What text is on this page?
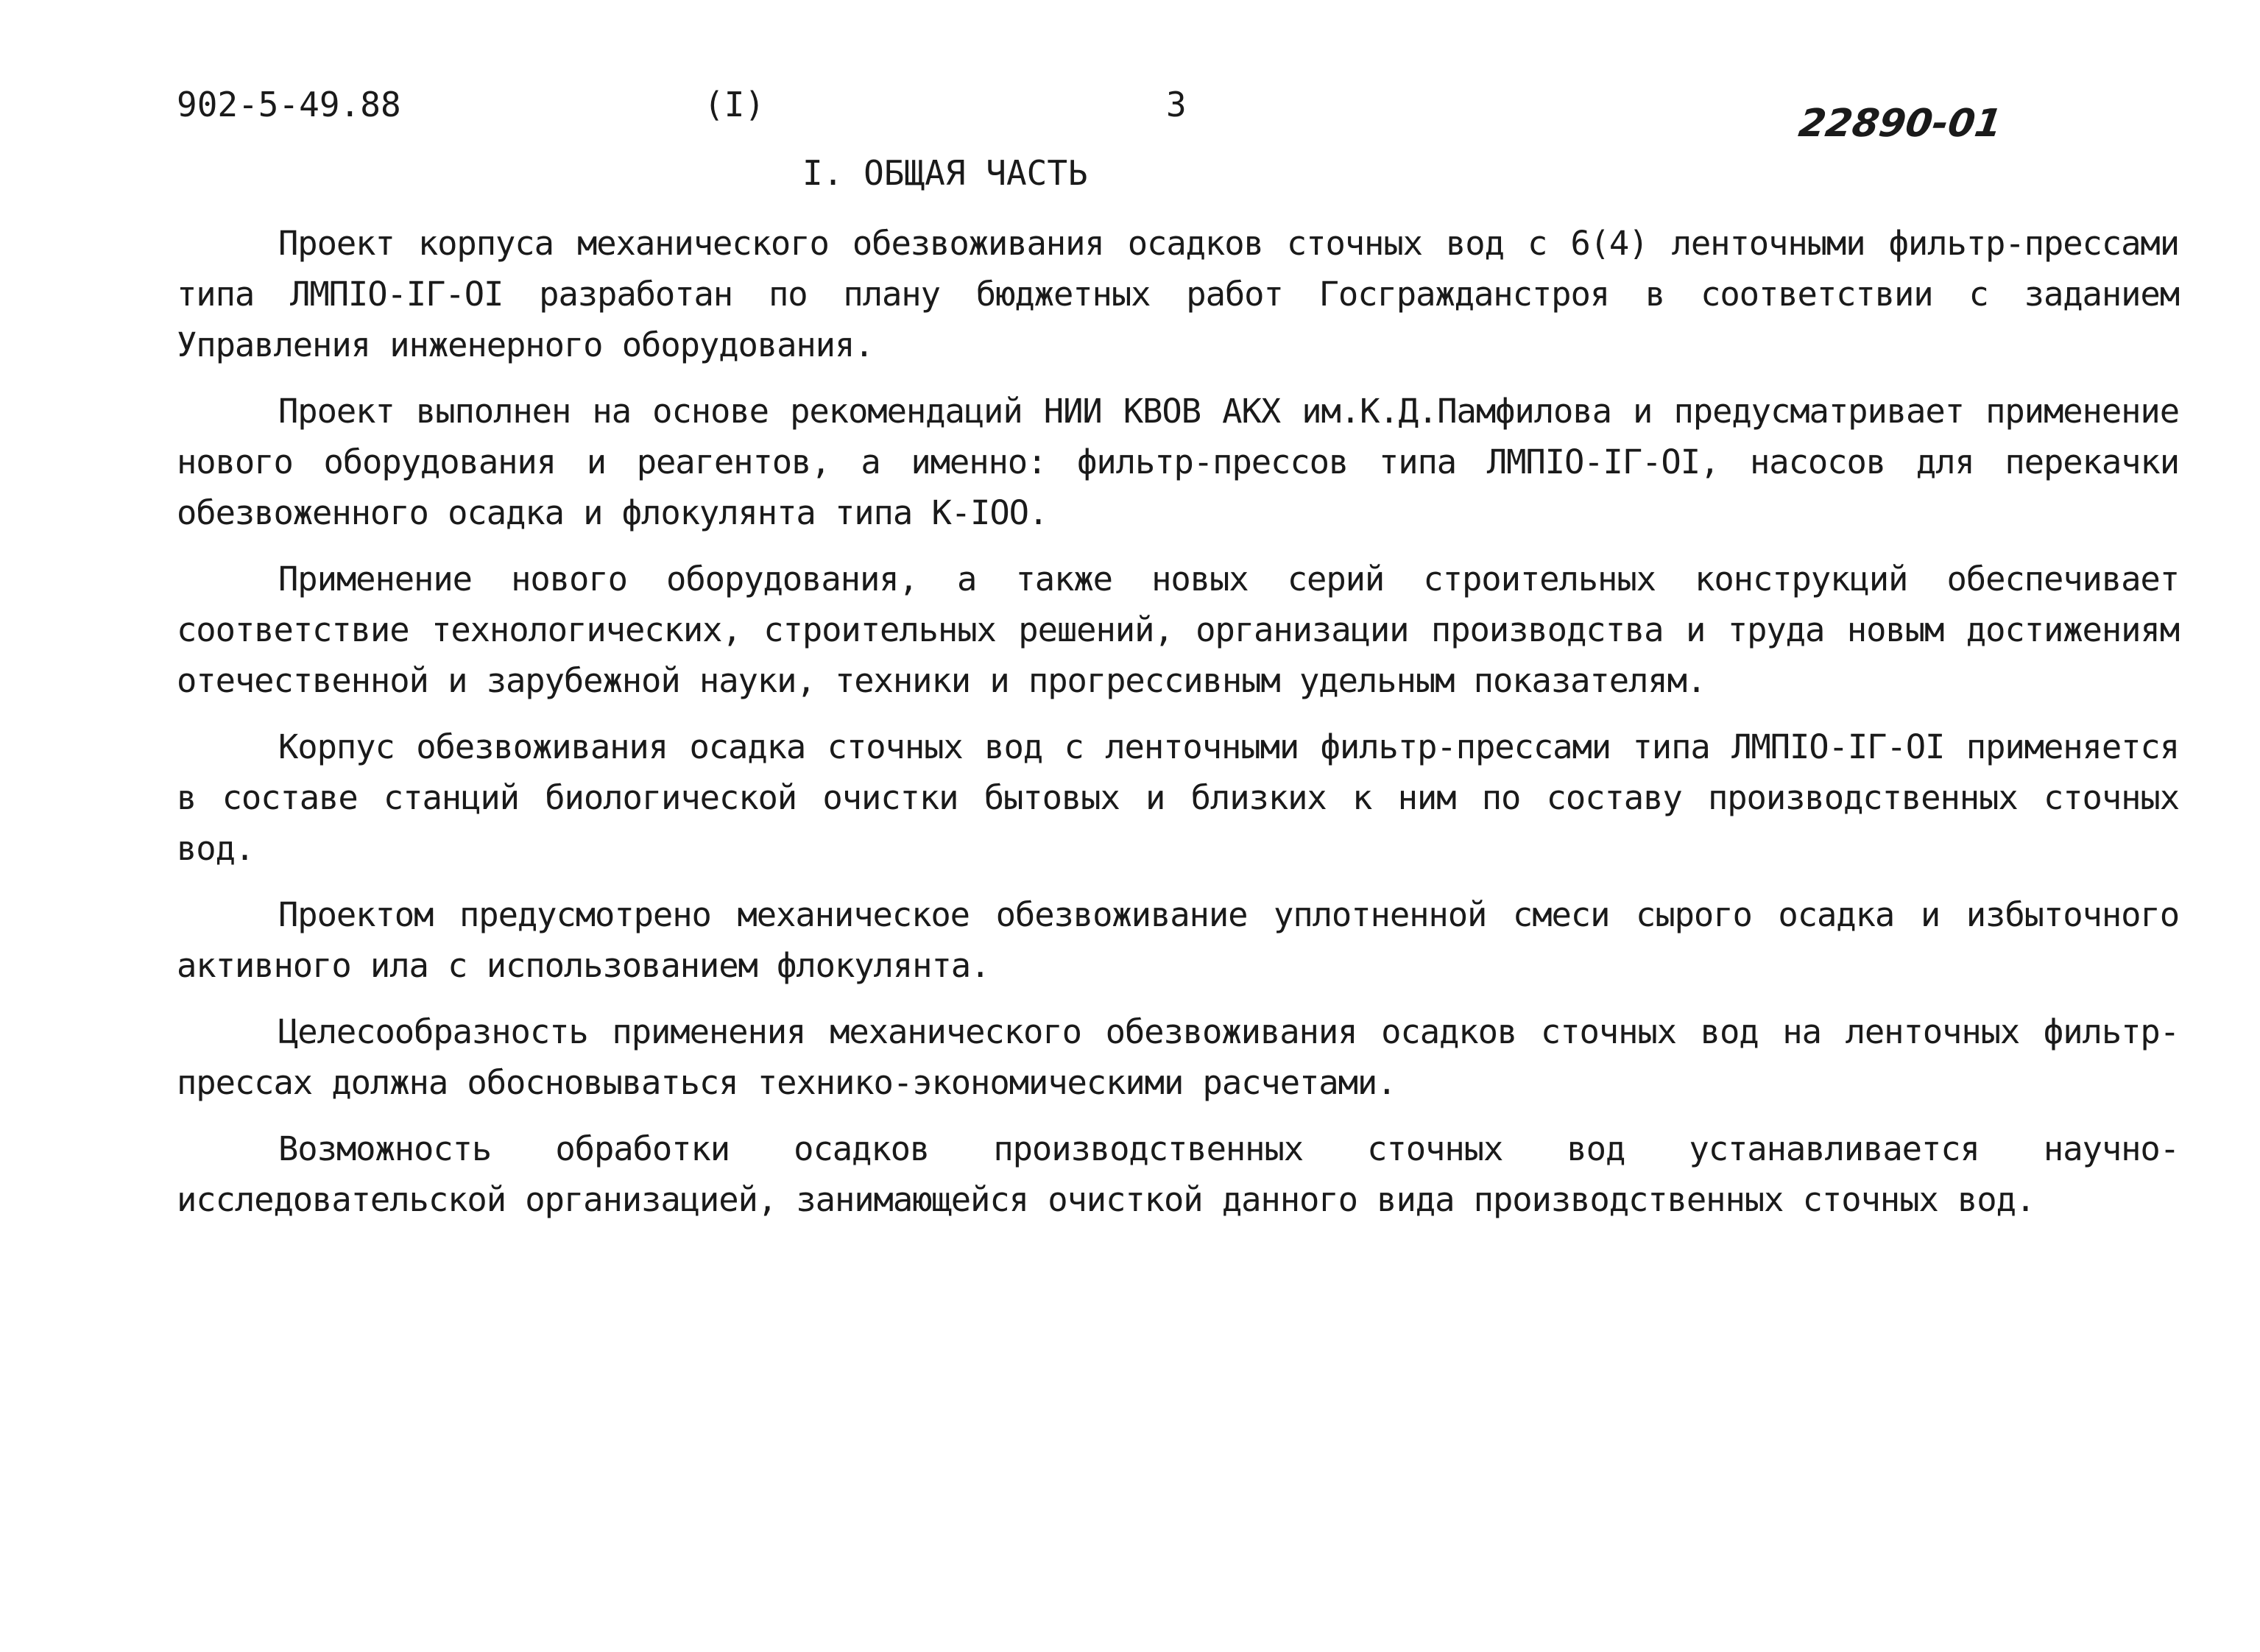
902-5-49.88	(I)	3	22890-01
I. ОБЩАЯ ЧАСТЬ

Проект корпуса механического обезвоживания осадков сточных вод с 6(4) ленточными фильтр-прессами типа ЛМПIО-IГ-OI разработан по плану бюджетных работ Госгражданстроя в соответствии с заданием Управления инженерного оборудования.

Проект выполнен на основе рекомендаций НИИ КВОВ АКХ им.К.Д.Памфилова и предусматривает применение нового оборудования и реагентов, а именно: фильтр-прессов типа ЛМПIО-IГ-OI, насосов для перекачки обезвоженного осадка и флокулянта типа К-IOO.

Применение нового оборудования, а также новых серий строительных конструкций обеспечивает соответствие технологических, строительных решений, организации производства и труда новым достижениям отечественной и зарубежной науки, техники и прогрессивным удельным показателям.

Корпус обезвоживания осадка сточных вод с ленточными фильтр-прессами типа ЛМПIО-IГ-OI применяется в составе станций биологической очистки бытовых и близких к ним по составу производственных сточных вод.

Проектом предусмотрено механическое обезвоживание уплотненной смеси сырого осадка и избыточного активного ила с использованием флокулянта.

Целесообразность применения механического обезвоживания осадков сточных вод на ленточных фильтр-прессах должна обосновываться технико-экономическими расчетами.

Возможность обработки осадков производственных сточных вод устанавливается научно-исследовательской организацией, занимающейся очисткой данного вида производственных сточных вод.
